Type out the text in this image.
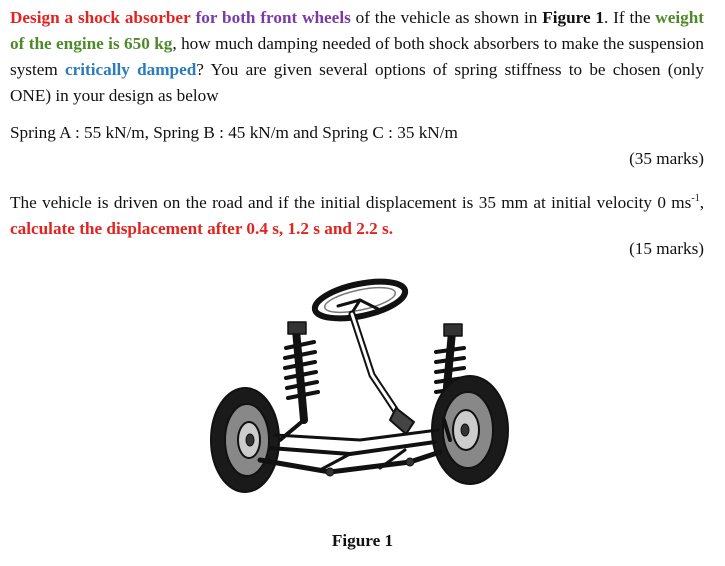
Design a shock absorber for both front wheels of the vehicle as shown in Figure 1. If the weight of the engine is 650 kg, how much damping needed of both shock absorbers to make the suspension system critically damped? You are given several options of spring stiffness to be chosen (only ONE) in your design as below

Spring A : 55 kN/m, Spring B : 45 kN/m and Spring C : 35 kN/m

(35 marks)

The vehicle is driven on the road and if the initial displacement is 35 mm at initial velocity 0 $ms^{-1}$, calculate the displacement after 0.4 s, 1.2 s and 2.2 s.

(15 marks)
Figure 1
